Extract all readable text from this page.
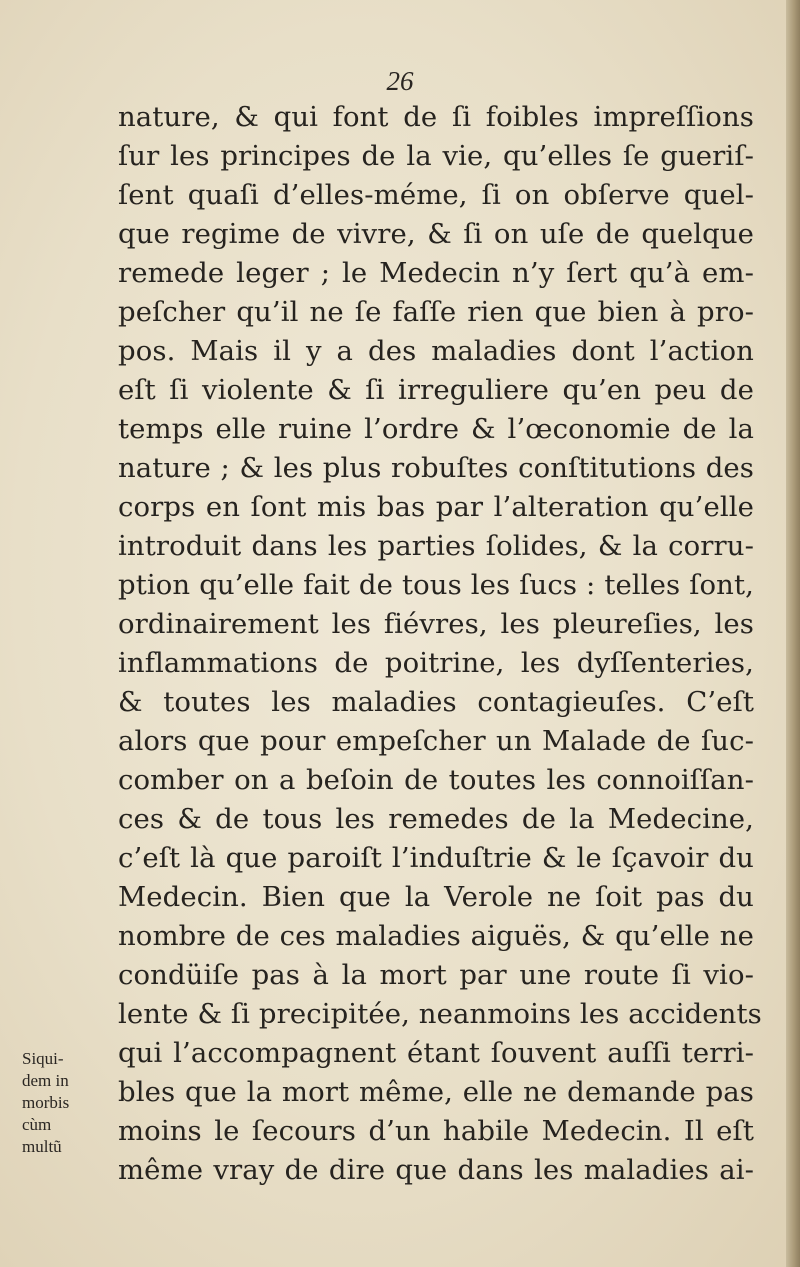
26

nature, & qui font de ſi foibles impreſſions
ſur les principes de la vie, qu’elles ſe gueriſ-
ſent quaſi d’elles-méme, ſi on obſerve quel-
que regime de vivre, & ſi on uſe de quelque
remede leger ; le Medecin n’y ſert qu’à em-
peſcher qu’il ne ſe faſſe rien que bien à pro-
pos. Mais il y a des maladies dont l’action
eſt ſi violente & ſi irreguliere qu’en peu de
temps elle ruine l’ordre & l’œconomie de la
nature ; & les plus robuſtes conſtitutions des
corps en ſont mis bas par l’alteration qu’elle
introduit dans les parties ſolides, & la corru-
ption qu’elle fait de tous les ſucs : telles ſont,
ordinairement les fiévres, les pleureſies, les
inflammations de poitrine, les dyſſenteries,
& toutes les maladies contagieuſes. C’eſt
alors que pour empeſcher un Malade de ſuc-
comber on a beſoin de toutes les connoiſſan-
ces & de tous les remedes de la Medecine,
c’eſt là que paroiſt l’induſtrie & le ſçavoir du
Medecin. Bien que la Verole ne ſoit pas du
nombre de ces maladies aiguës, & qu’elle ne
condüiſe pas à la mort par une route ſi vio-
lente & ſi precipitée, neanmoins les accidents
qui l’accompagnent étant ſouvent auſſi terri-
bles que la mort même, elle ne demande pas
moins le ſecours d’un habile Medecin. Il eſt
même vray de dire que dans les maladies ai-
Siqui-
dem in
morbis
cùm
multũ
